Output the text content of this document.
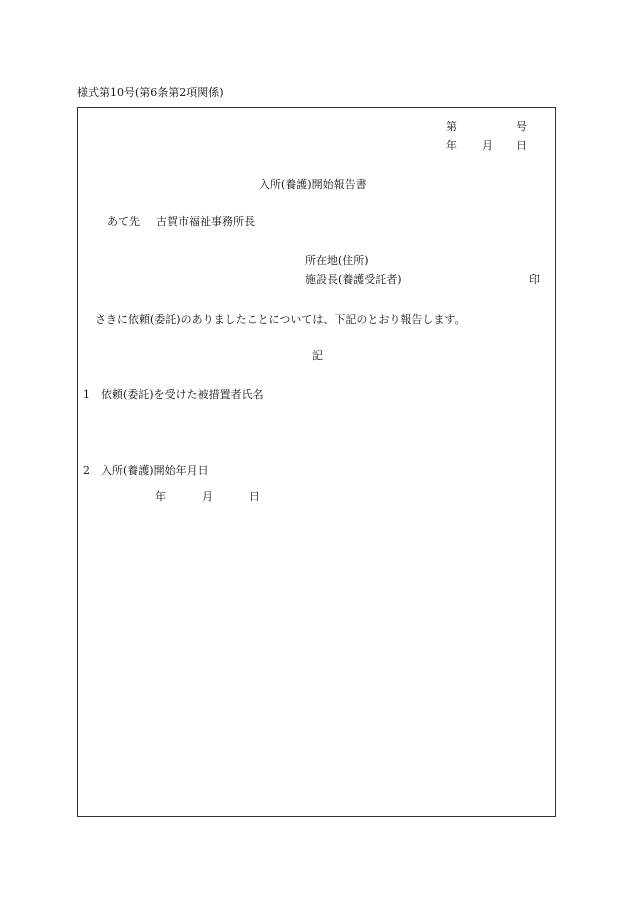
様式第10号(第6条第2項関係)
第	号
年 月 日
入所(養護)開始報告書
あて先 古賀市福祉事務所長
所在地(住所)
施設長(養護受託者)	印
さきに依頼(委託)のありましたことについては、下記のとおり報告します。
記
1 依頼(委託)を受けた被措置者氏名
2 入所(養護)開始年月日
年	月	日
